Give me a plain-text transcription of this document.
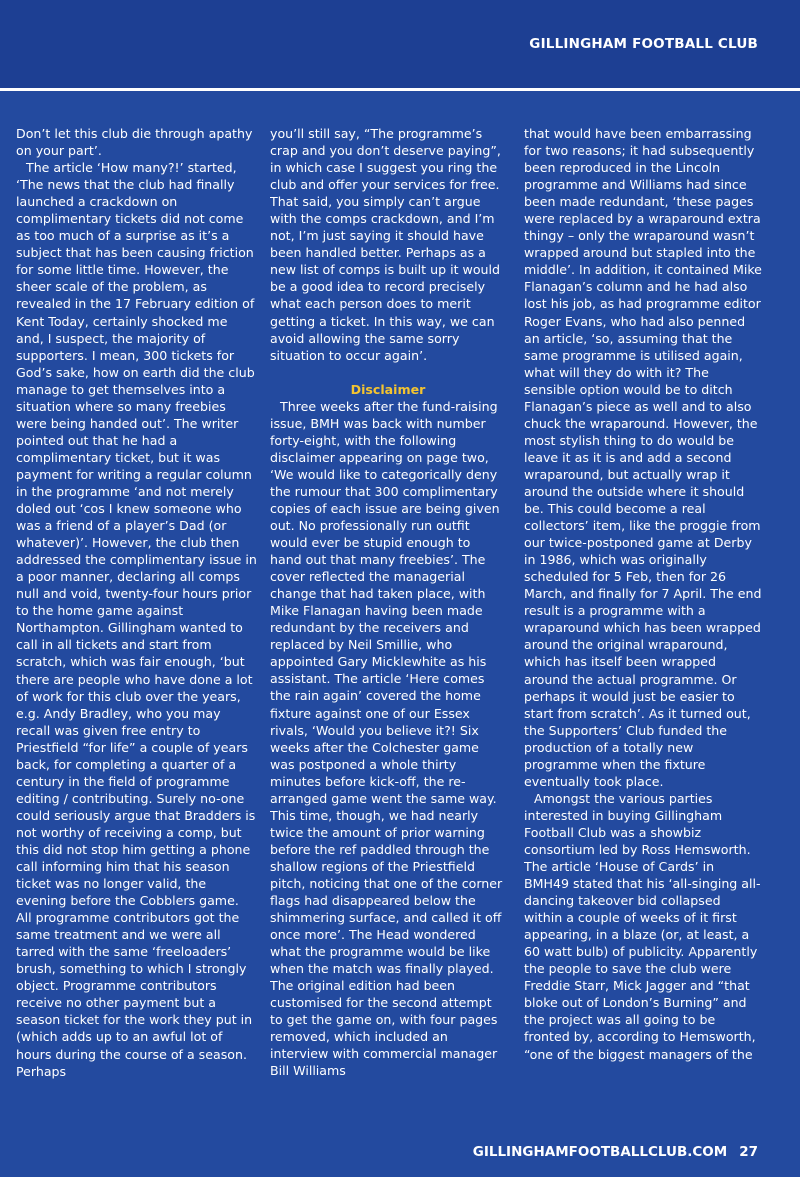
GILLINGHAM FOOTBALL CLUB

Don’t let this club die through apathy on your part’.

The article ‘How many?!’ started, ‘The news that the club had finally launched a crackdown on complimentary tickets did not come as too much of a surprise as it’s a subject that has been causing friction for some little time. However, the sheer scale of the problem, as revealed in the 17 February edition of Kent Today, certainly shocked me and, I suspect, the majority of supporters. I mean, 300 tickets for God’s sake, how on earth did the club manage to get themselves into a situation where so many freebies were being handed out’. The writer pointed out that he had a complimentary ticket, but it was payment for writing a regular column in the programme ‘and not merely doled out ‘cos I knew someone who was a friend of a player’s Dad (or whatever)’. However, the club then addressed the complimentary issue in a poor manner, declaring all comps null and void, twenty-four hours prior to the home game against Northampton. Gillingham wanted to call in all tickets and start from scratch, which was fair enough, ‘but there are people who have done a lot of work for this club over the years, e.g. Andy Bradley, who you may recall was given free entry to Priestfield “for life” a couple of years back, for completing a quarter of a century in the field of programme editing / contributing. Surely no-one could seriously argue that Bradders is not worthy of receiving a comp, but this did not stop him getting a phone call informing him that his season ticket was no longer valid, the evening before the Cobblers game. All programme contributors got the same treatment and we were all tarred with the same ‘freeloaders’ brush, something to which I strongly object. Programme contributors receive no other payment but a season ticket for the work they put in (which adds up to an awful lot of hours during the course of a season. Perhaps

you’ll still say, “The programme’s crap and you don’t deserve paying”, in which case I suggest you ring the club and offer your services for free. That said, you simply can’t argue with the comps crackdown, and I’m not, I’m just saying it should have been handled better. Perhaps as a new list of comps is built up it would be a good idea to record precisely what each person does to merit getting a ticket. In this way, we can avoid allowing the same sorry situation to occur again’.

Disclaimer

Three weeks after the fund-raising issue, BMH was back with number forty-eight, with the following disclaimer appearing on page two, ‘We would like to categorically deny the rumour that 300 complimentary copies of each issue are being given out. No professionally run outfit would ever be stupid enough to hand out that many freebies’. The cover reflected the managerial change that had taken place, with Mike Flanagan having been made redundant by the receivers and replaced by Neil Smillie, who appointed Gary Micklewhite as his assistant. The article ‘Here comes the rain again’ covered the home fixture against one of our Essex rivals, ‘Would you believe it?! Six weeks after the Colchester game was postponed a whole thirty minutes before kick-off, the re-arranged game went the same way. This time, though, we had nearly twice the amount of prior warning before the ref paddled through the shallow regions of the Priestfield pitch, noticing that one of the corner flags had disappeared below the shimmering surface, and called it off once more’. The Head wondered what the programme would be like when the match was finally played. The original edition had been customised for the second attempt to get the game on, with four pages removed, which included an interview with commercial manager Bill Williams

that would have been embarrassing for two reasons; it had subsequently been reproduced in the Lincoln programme and Williams had since been made redundant, ‘these pages were replaced by a wraparound extra thingy – only the wraparound wasn’t wrapped around but stapled into the middle’. In addition, it contained Mike Flanagan’s column and he had also lost his job, as had programme editor Roger Evans, who had also penned an article, ‘so, assuming that the same programme is utilised again, what will they do with it? The sensible option would be to ditch Flanagan’s piece as well and to also chuck the wraparound. However, the most stylish thing to do would be leave it as it is and add a second wraparound, but actually wrap it around the outside where it should be. This could become a real collectors’ item, like the proggie from our twice-postponed game at Derby in 1986, which was originally scheduled for 5 Feb, then for 26 March, and finally for 7 April. The end result is a programme with a wraparound which has been wrapped around the original wraparound, which has itself been wrapped around the actual programme. Or perhaps it would just be easier to start from scratch’. As it turned out, the Supporters’ Club funded the production of a totally new programme when the fixture eventually took place.

Amongst the various parties interested in buying Gillingham Football Club was a showbiz consortium led by Ross Hemsworth. The article ‘House of Cards’ in BMH49 stated that his ‘all-singing all-dancing takeover bid collapsed within a couple of weeks of it first appearing, in a blaze (or, at least, a 60 watt bulb) of publicity. Apparently the people to save the club were Freddie Starr, Mick Jagger and “that bloke out of London’s Burning” and the project was all going to be fronted by, according to Hemsworth, “one of the biggest managers of the

GILLINGHAMFOOTBALLCLUB.COM 27
